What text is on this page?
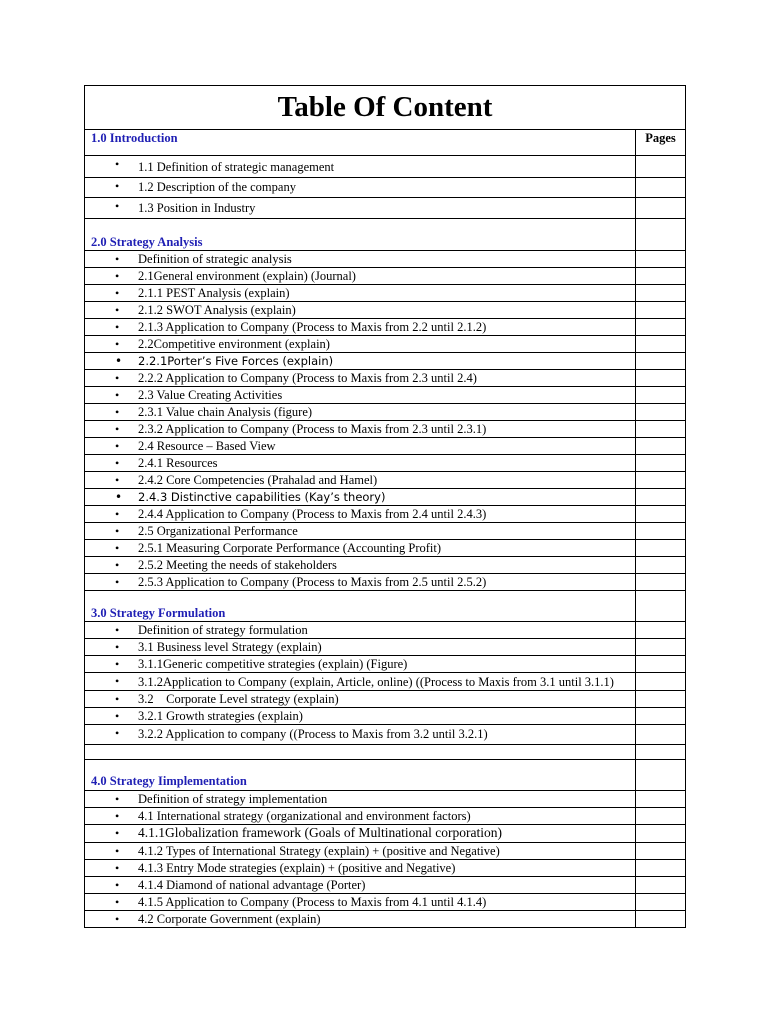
Table Of Content	
1.0 Introduction	Pages
• 1.1 Definition of strategic management	
• 1.2 Description of the company	
• 1.3 Position in Industry	
2.0 Strategy Analysis	
• Definition of strategic analysis	
• 2.1General environment (explain) (Journal)	
• 2.1.1 PEST Analysis (explain)	
• 2.1.2 SWOT Analysis (explain)	
• 2.1.3 Application to Company (Process to Maxis from 2.2 until 2.1.2)	
• 2.2Competitive environment (explain)	
• 2.2.1Porter’s Five Forces (explain)	
• 2.2.2 Application to Company (Process to Maxis from 2.3 until 2.4)	
• 2.3 Value Creating Activities	
• 2.3.1 Value chain Analysis (figure)	
• 2.3.2 Application to Company (Process to Maxis from 2.3 until 2.3.1)	
• 2.4 Resource – Based View	
• 2.4.1 Resources	
• 2.4.2 Core Competencies (Prahalad and Hamel)	
• 2.4.3 Distinctive capabilities (Kay’s theory)	
• 2.4.4 Application to Company (Process to Maxis from 2.4 until 2.4.3)	
• 2.5 Organizational Performance	
• 2.5.1 Measuring Corporate Performance (Accounting Profit)	
• 2.5.2 Meeting the needs of stakeholders	
• 2.5.3 Application to Company (Process to Maxis from 2.5 until 2.5.2)	
3.0 Strategy Formulation	
• Definition of strategy formulation	
• 3.1 Business level Strategy (explain)	
• 3.1.1Generic competitive strategies (explain) (Figure)	
• 3.1.2Application to Company (explain, Article, online) ((Process to Maxis from 3.1 until 3.1.1)	
• 3.2    Corporate Level strategy (explain)	
• 3.2.1 Growth strategies (explain)	
• 3.2.2 Application to company ((Process to Maxis from 3.2 until 3.2.1)	

4.0 Strategy Iimplementation	
• Definition of strategy implementation	
• 4.1 International strategy (organizational and environment factors)	
• 4.1.1Globalization framework (Goals of Multinational corporation)	
• 4.1.2 Types of International Strategy (explain) + (positive and Negative)	
• 4.1.3 Entry Mode strategies (explain) + (positive and Negative)	
• 4.1.4 Diamond of national advantage (Porter)	
• 4.1.5 Application to Company (Process to Maxis from 4.1 until 4.1.4)	
• 4.2 Corporate Government (explain)	
